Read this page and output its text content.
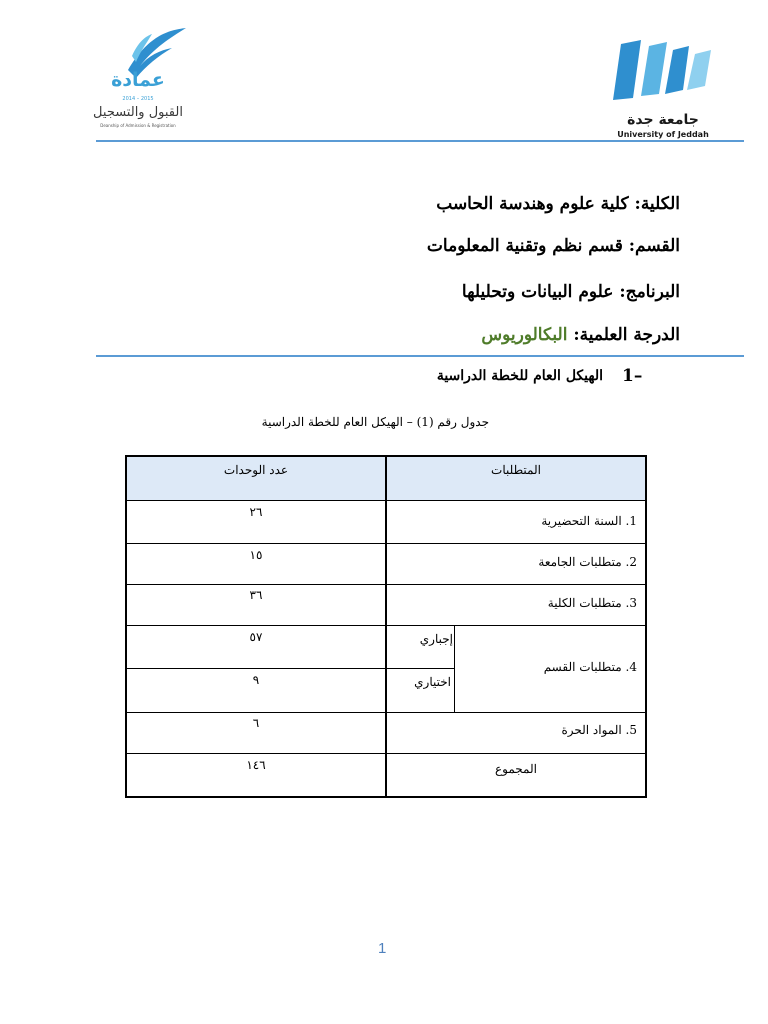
عمادة
2014 – 2015
القبول والتسجيل
Deanship of Admission & Registration	جامعة جدة
University of Jeddah
2014
الكلية: كلية علوم وهندسة الحاسب
القسم: قسم نظم وتقنية المعلومات
البرنامج: علوم البيانات وتحليلها
الدرجة العلمية: البكالوريوس
1–
الهيكل العام للخطة الدراسية
جدول رقم (1) – الهيكل العام للخطة الدراسية
عدد الوحدات	المتطلبات
٢٦
١٥
٣٦
٥٧
٩
٦
١٤٦
1. السنة التحضيرية
2. متطلبات الجامعة
3. متطلبات الكلية
4. متطلبات القسم
إجباري
اختياري
5. المواد الحرة
المجموع
1
